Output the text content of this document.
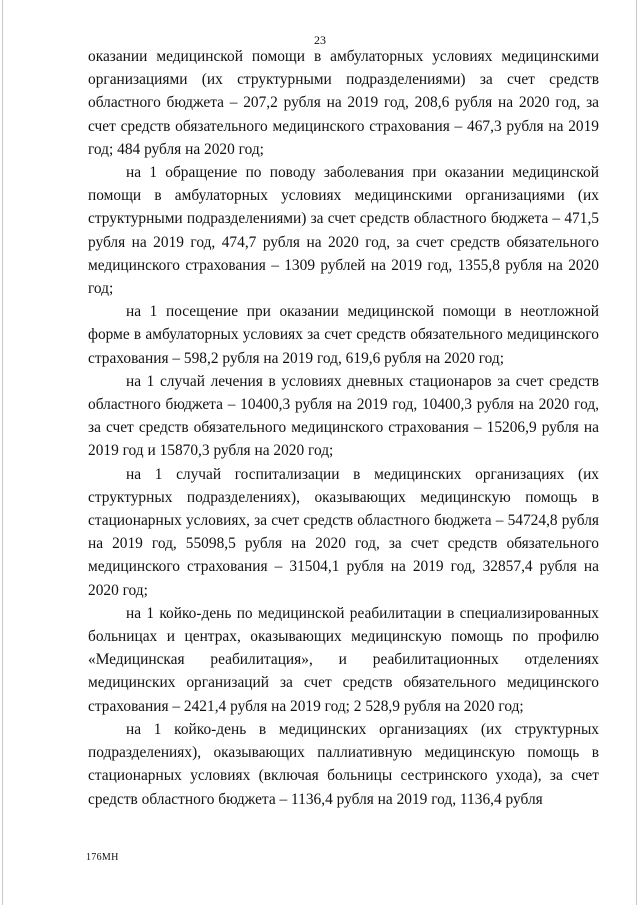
23

оказании медицинской помощи в амбулаторных условиях медицинскими организациями (их структурными подразделениями) за счет средств областного бюджета – 207,2 рубля на 2019 год, 208,6 рубля на 2020 год, за счет средств обязательного медицинского страхования – 467,3 рубля на 2019 год; 484 рубля на 2020 год;

на 1 обращение по поводу заболевания при оказании медицинской помощи в амбулаторных условиях медицинскими организациями (их структурными подразделениями) за счет средств областного бюджета – 471,5 рубля на 2019 год, 474,7 рубля на 2020 год, за счет средств обязательного медицинского страхования – 1309 рублей на 2019 год, 1355,8 рубля на 2020 год;

на 1 посещение при оказании медицинской помощи в неотложной форме в амбулаторных условиях за счет средств обязательного медицинского страхования – 598,2 рубля на 2019 год, 619,6 рубля на 2020 год;

на 1 случай лечения в условиях дневных стационаров за счет средств областного бюджета – 10400,3 рубля на 2019 год, 10400,3 рубля на 2020 год, за счет средств обязательного медицинского страхования – 15206,9 рубля на 2019 год и 15870,3 рубля на 2020 год;

на 1 случай госпитализации в медицинских организациях (их структурных подразделениях), оказывающих медицинскую помощь в стационарных условиях, за счет средств областного бюджета – 54724,8 рубля на 2019 год, 55098,5 рубля на 2020 год, за счет средств обязательного медицинского страхования – 31504,1 рубля на 2019 год, 32857,4 рубля на 2020 год;

на 1 койко-день по медицинской реабилитации в специализированных больницах и центрах, оказывающих медицинскую помощь по профилю «Медицинская реабилитация», и реабилитационных отделениях медицинских организаций за счет средств обязательного медицинского страхования – 2421,4 рубля на 2019 год; 2 528,9 рубля на 2020 год;

на 1 койко-день в медицинских организациях (их структурных подразделениях), оказывающих паллиативную медицинскую помощь в стационарных условиях (включая больницы сестринского ухода), за счет средств областного бюджета – 1136,4 рубля на 2019 год, 1136,4 рубля

176МН
